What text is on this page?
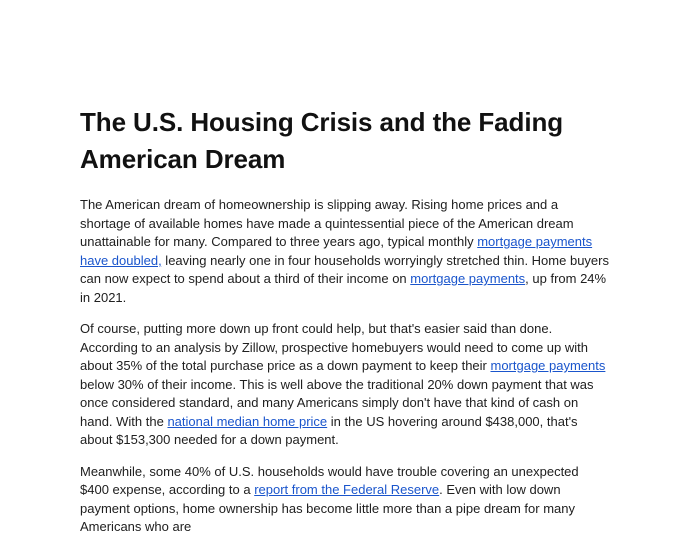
The U.S. Housing Crisis and the Fading American Dream

The American dream of homeownership is slipping away. Rising home prices and a shortage of available homes have made a quintessential piece of the American dream unattainable for many. Compared to three years ago, typical monthly mortgage payments have doubled, leaving nearly one in four households worryingly stretched thin. Home buyers can now expect to spend about a third of their income on mortgage payments, up from 24% in 2021.

Of course, putting more down up front could help, but that's easier said than done. According to an analysis by Zillow, prospective homebuyers would need to come up with about 35% of the total purchase price as a down payment to keep their mortgage payments below 30% of their income. This is well above the traditional 20% down payment that was once considered standard, and many Americans simply don't have that kind of cash on hand. With the national median home price in the US hovering around $438,000, that's about $153,300 needed for a down payment.

Meanwhile, some 40% of U.S. households would have trouble covering an unexpected $400 expense, according to a report from the Federal Reserve. Even with low down payment options, home ownership has become little more than a pipe dream for many Americans who are
